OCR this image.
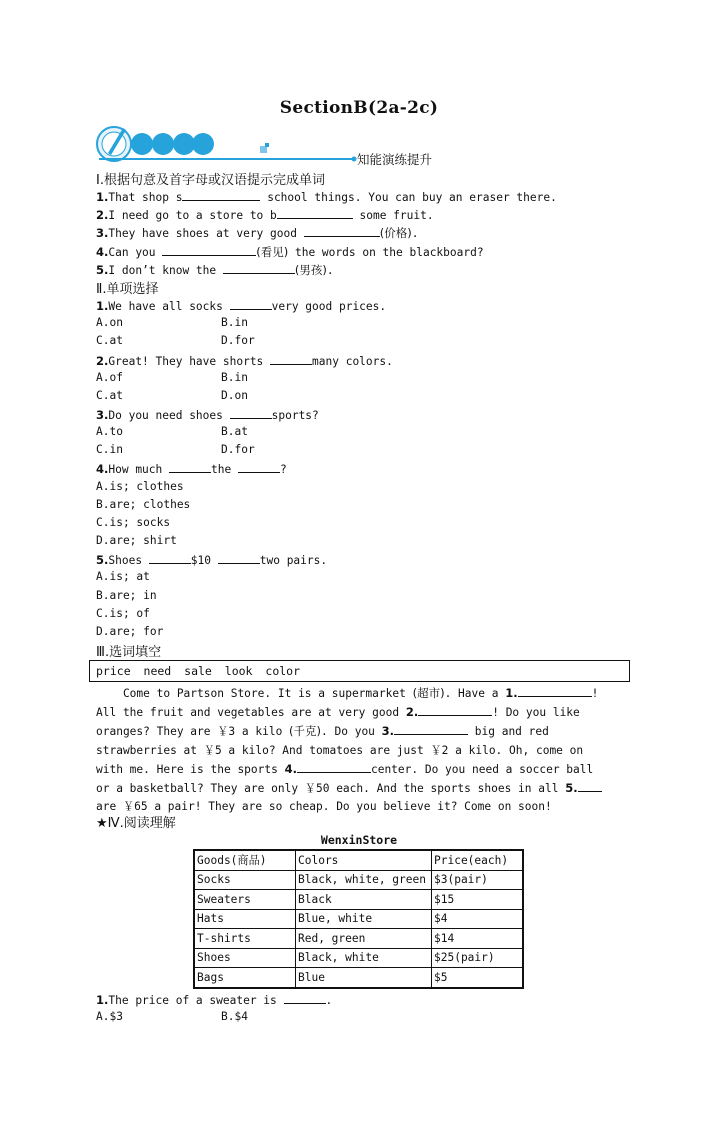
SectionB(2a-2c)
知能演练提升
Ⅰ.根据句意及首字母或汉语提示完成单词
1.That shop s	school things. You can buy an eraser there.
2.I need go to a store to b	some fruit.
3.They have shoes at very good	(价格).
4.Can you	(看见) the words on the blackboard?
5.I don’t know the	(男孩).
Ⅱ.单项选择
1.We have all socks	very good prices.
A.on	B.in
C.at	D.for
2.Great! They have shorts	many colors.
A.of	B.in
C.at	D.on
3.Do you need shoes	sports?
A.to	B.at
C.in	D.for
4.How much	the	?
A.is; clothes
B.are; clothes
C.is; socks
D.are; shirt
5.Shoes	$10	two pairs.
A.is; at
B.are; in
C.is; of
D.are; for
Ⅲ.选词填空
price need sale look color

Come to Partson Store. It is a supermarket (超市). Have a 1.	!

All the fruit and vegetables are at very good 2.	! Do you like

oranges? They are ￥3 a kilo (千克). Do you 3.	big and red

strawberries at ￥5 a kilo? And tomatoes are just ￥2 a kilo. Oh, come on

with me. Here is the sports 4.	center. Do you need a soccer ball

or a basketball? They are only ￥50 each. And the sports shoes in all 5.

are ￥65 a pair! They are so cheap. Do you believe it? Come on soon!

★Ⅳ.阅读理解
WenxinStore
Goods(商品)	Colors	Price(each)
Socks	Black, white, green	$3(pair)
Sweaters	Black	$15
Hats	Blue, white	$4
T-shirts	Red, green	$14
Shoes	Black, white	$25(pair)
Bags	Blue	$5
1.The price of a sweater is	.
A.$3	B.$4
